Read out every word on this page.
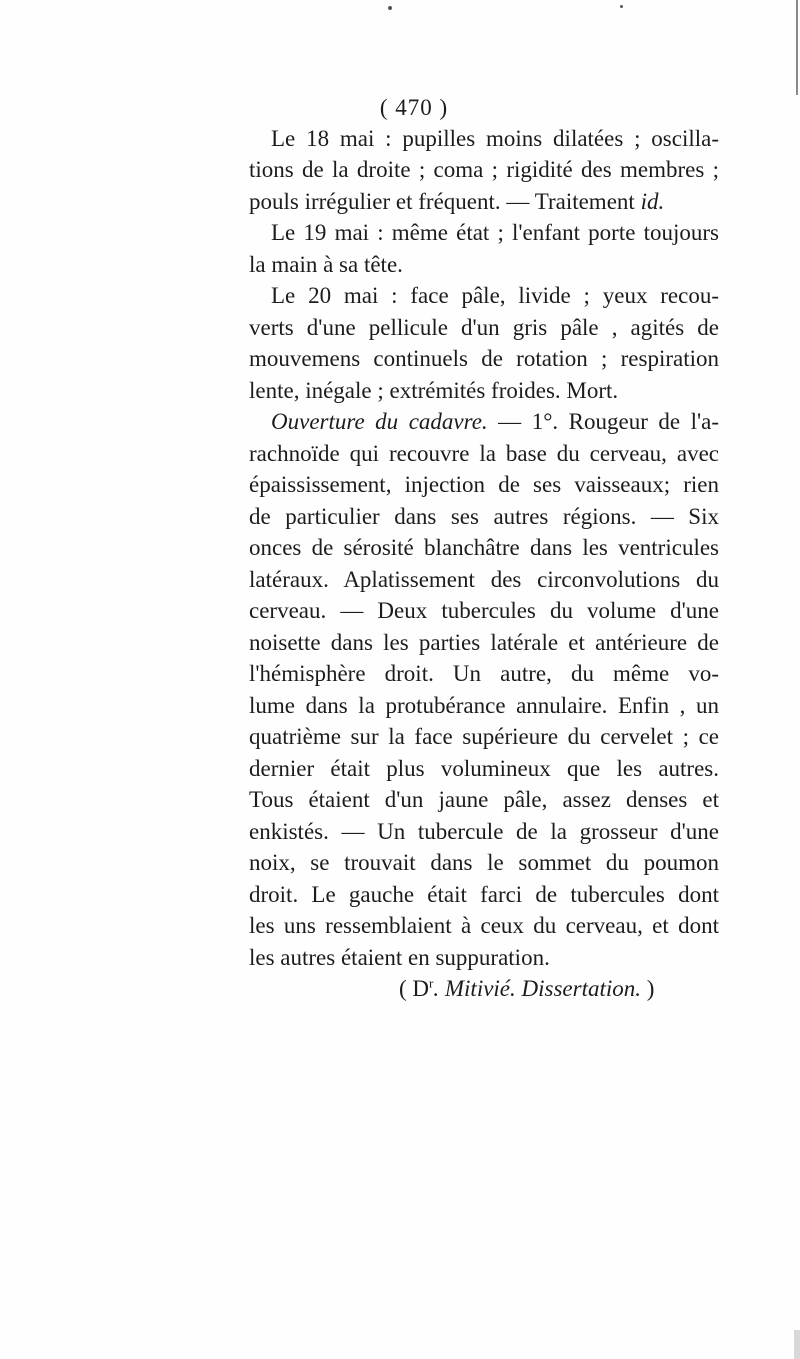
( 470 )
Le 18 mai : pupilles moins dilatées ; oscilla-
tions de la droite ; coma ; rigidité des membres ;
pouls irrégulier et fréquent. — Traitement id.
Le 19 mai : même état ; l'enfant porte toujours
la main à sa tête.
Le 20 mai : face pâle, livide ; yeux recou-
verts d'une pellicule d'un gris pâle , agités de
mouvemens continuels de rotation ; respiration
lente, inégale ; extrémités froides. Mort.
Ouverture du cadavre. — 1°. Rougeur de l'a-
rachnoïde qui recouvre la base du cerveau, avec
épaississement, injection de ses vaisseaux; rien
de particulier dans ses autres régions. — Six
onces de sérosité blanchâtre dans les ventricules
latéraux. Aplatissement des circonvolutions du
cerveau. — Deux tubercules du volume d'une
noisette dans les parties latérale et antérieure de
l'hémisphère droit. Un autre, du même vo-
lume dans la protubérance annulaire. Enfin , un
quatrième sur la face supérieure du cervelet ; ce
dernier était plus volumineux que les autres.
Tous étaient d'un jaune pâle, assez denses et
enkistés. — Un tubercule de la grosseur d'une
noix, se trouvait dans le sommet du poumon
droit. Le gauche était farci de tubercules dont
les uns ressemblaient à ceux du cerveau, et dont
les autres étaient en suppuration.
( $D^r$. Mitivié. Dissertation. )
